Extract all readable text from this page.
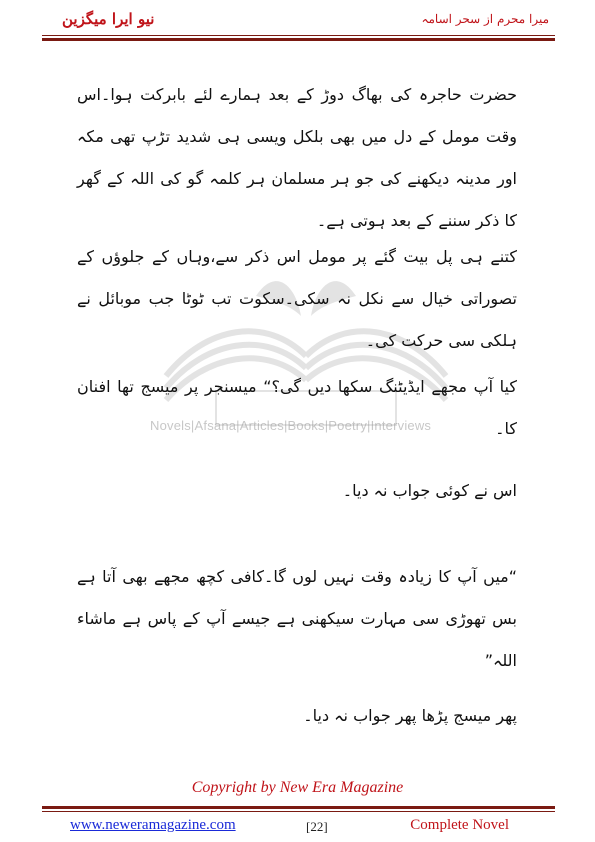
نیو ایرا میگزین	میرا محرم از سحر اسامہ
Novels|Afsana|Articles|Books|Poetry|Interviews
حضرت حاجرہ کی بھاگ دوڑ کے بعد ہمارے لئے بابرکت ہوا۔اس وقت مومل کے دل میں بھی بلکل ویسی ہی شدید تڑپ تھی مکہ اور مدینہ دیکھنے کی جو ہر مسلمان ہر کلمہ گو کی اللہ کے گھر کا ذکر سننے کے بعد ہوتی ہے۔
کتنے ہی پل بیت گئے پر مومل اس ذکر سے،وہاں کے جلوؤں کے تصوراتی خیال سے نکل نہ سکی۔سکوت تب ٹوٹا جب موبائل نے ہلکی سی حرکت کی۔
کیا آپ مجھے ایڈیٹنگ سکھا دیں گی؟“ میسنجر پر میسج تھا افنان کا۔
اس نے کوئی جواب نہ دیا۔
“میں آپ کا زیادہ وقت نہیں لوں گا۔کافی کچھ مجھے بھی آتا ہے بس تھوڑی سی مہارت سیکھنی ہے جیسے آپ کے پاس ہے ماشاء اللہ”
پھر میسج پڑھا پھر جواب نہ دیا۔
Copyright by New Era Magazine
www.neweramagazine.com	[22]	Complete Novel
